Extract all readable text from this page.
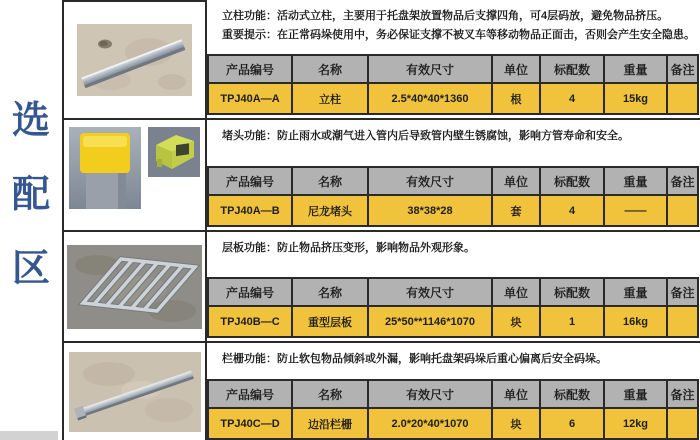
选
配
区
立柱功能：活动式立柱，主要用于托盘架放置物品后支撑四角，可4层码放，避免物品挤压。
重要提示：在正常码垛使用中，务必保证支撑不被叉车等移动物品正面击，否则会产生安全隐患。
产品编号	名称	有效尺寸	单位	标配数	重量	备注
TPJ40A—A	立柱	2.5*40*40*1360	根	4	15kg	
堵头功能：防止雨水或潮气进入管内后导致管内壁生锈腐蚀，影响方管寿命和安全。
产品编号	名称	有效尺寸	单位	标配数	重量	备注
TPJ40A—B	尼龙堵头	38*38*28	套	4	——	
层板功能：防止物品挤压变形，影响物品外观形象。
产品编号	名称	有效尺寸	单位	标配数	重量	备注
TPJ40B—C	重型层板	25*50**1146*1070	块	1	16kg	
栏栅功能：防止软包物品倾斜或外漏，影响托盘架码垛后重心偏离后安全码垛。
产品编号	名称	有效尺寸	单位	标配数	重量	备注
TPJ40C—D	边沿栏栅	2.0*20*40*1070	块	6	12kg	
